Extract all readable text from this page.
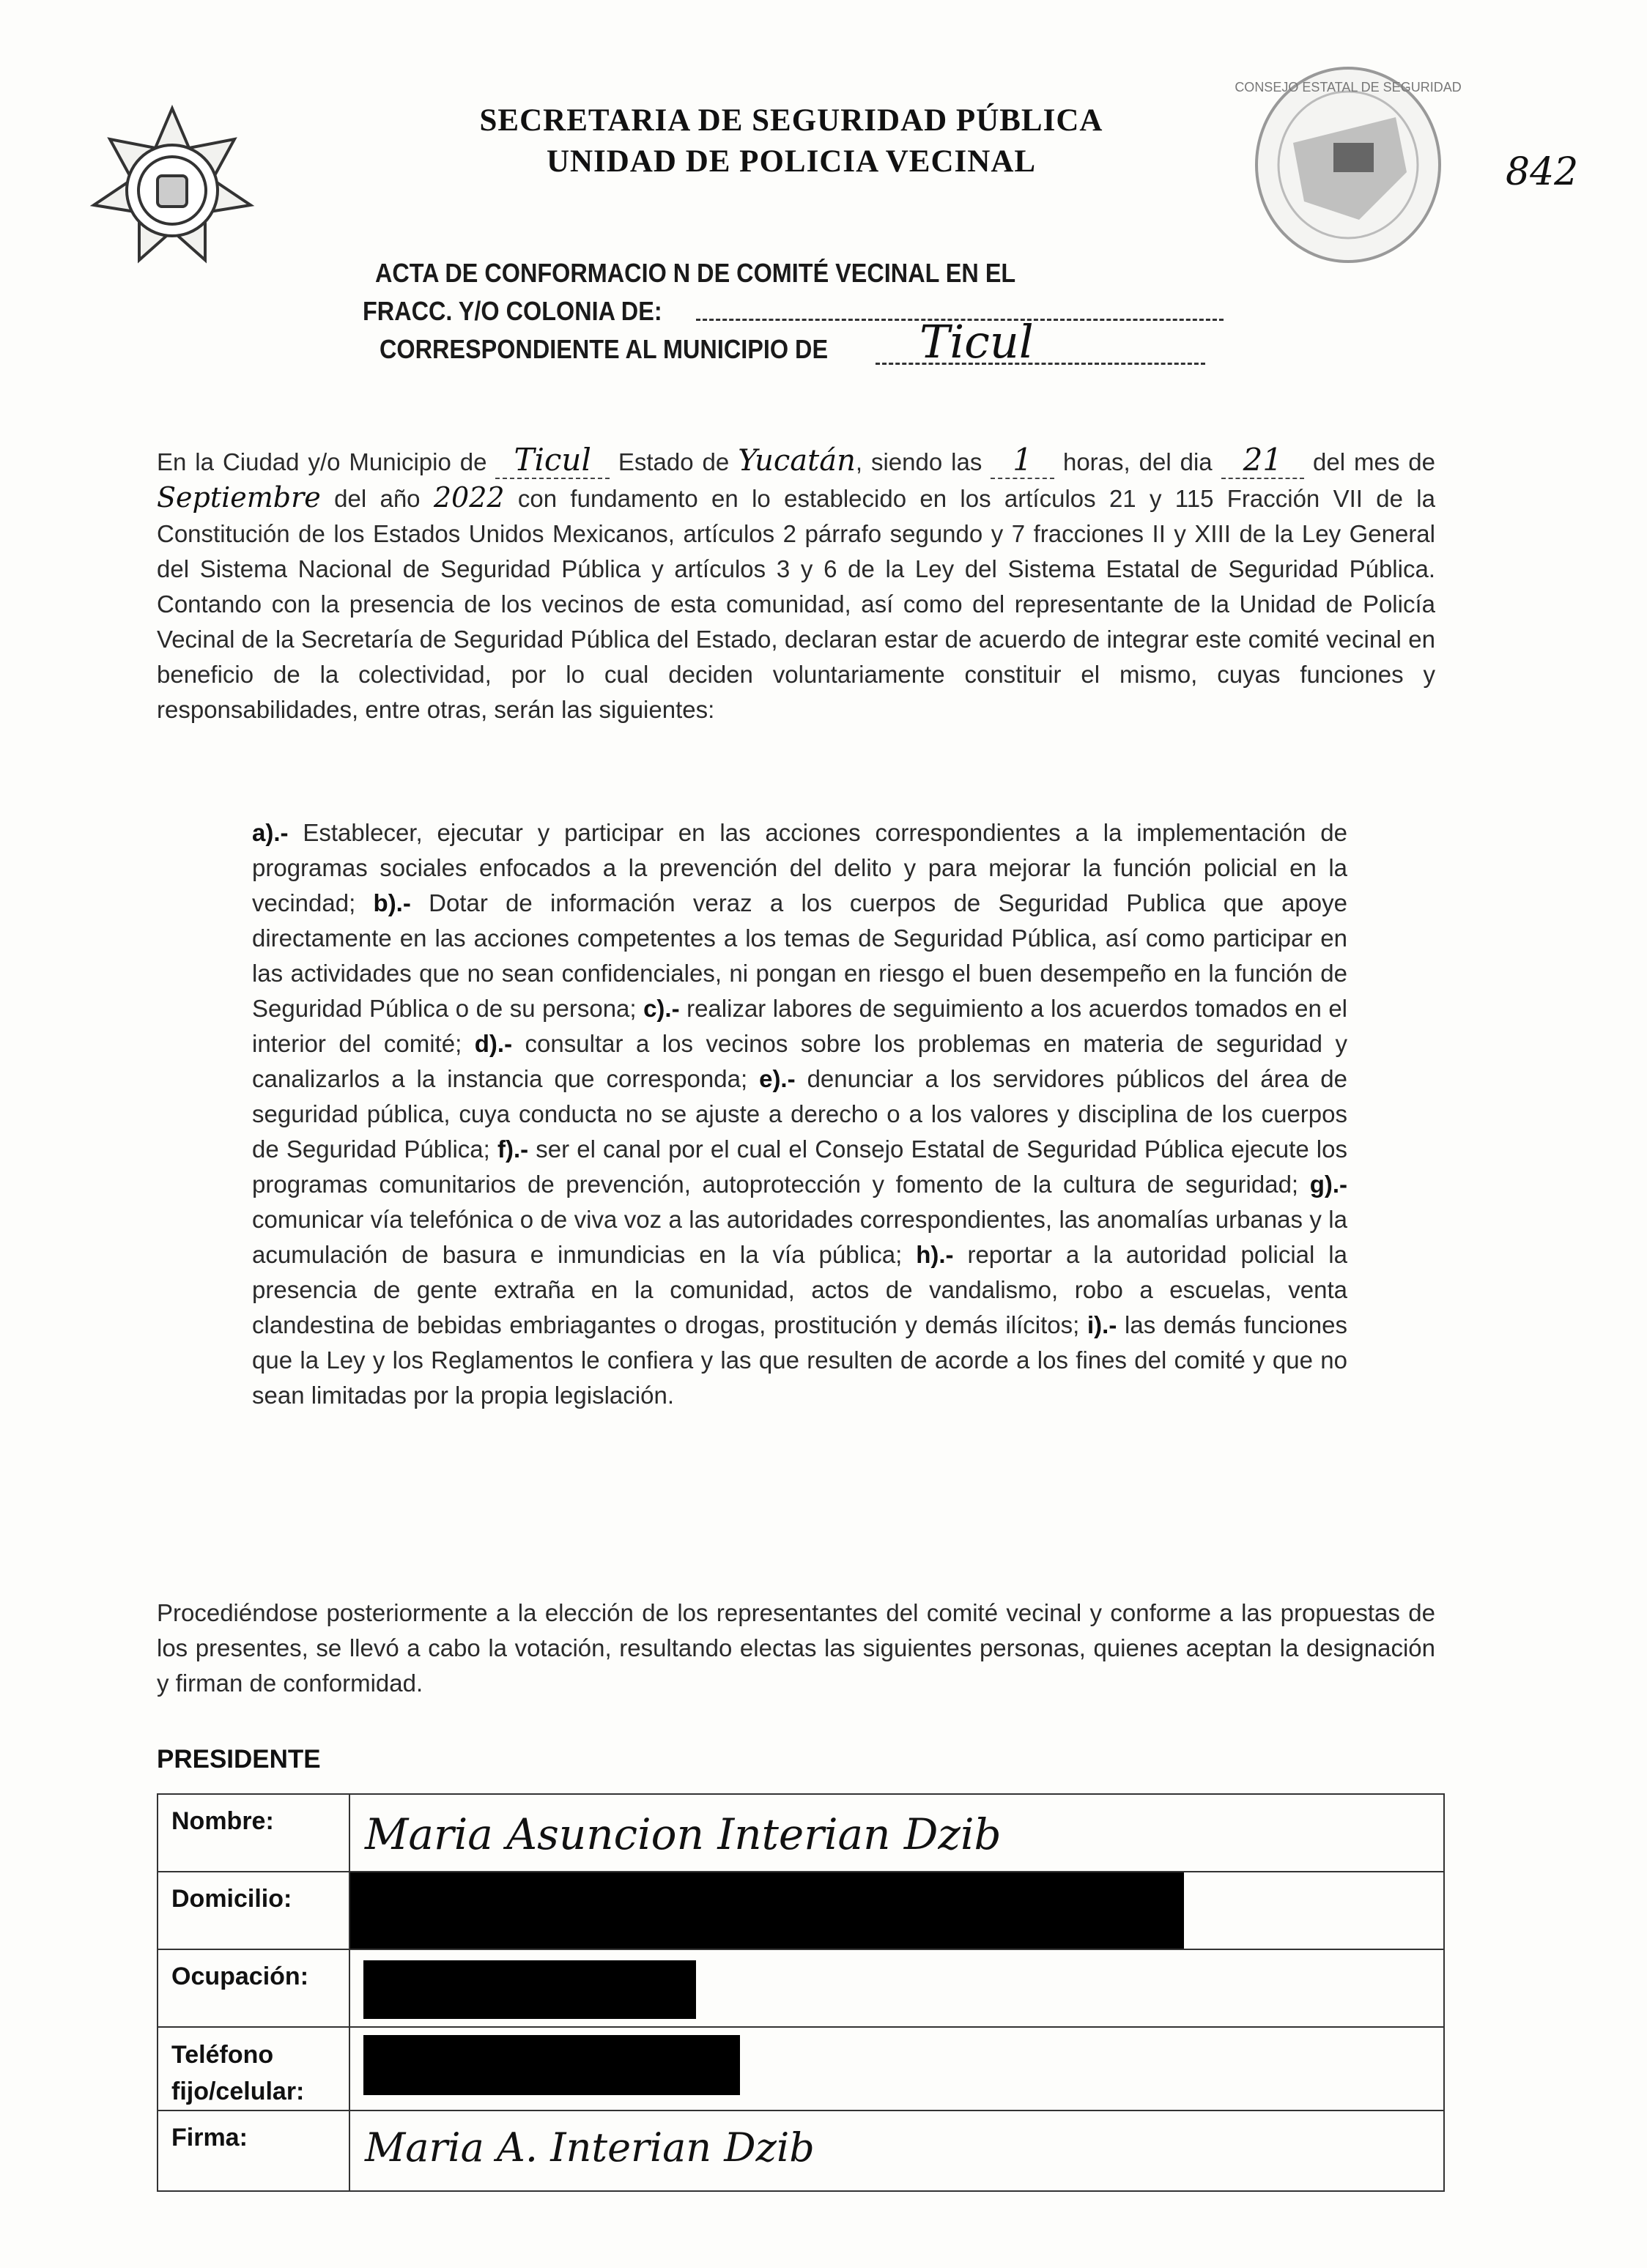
SECRETARIA DE SEGURIDAD PÚBLICA
UNIDAD DE POLICIA VECINAL
CONSEJO ESTATAL DE SEGURIDAD
842
ACTA DE CONFORMACIO N DE COMITÉ VECINAL EN EL
FRACC. Y/O COLONIA DE:
CORRESPONDIENTE AL MUNICIPIO DE Ticul
En la Ciudad y/o Municipio de Ticul Estado de Yucatán, siendo las 1 horas, del dia 21 del mes de Septiembre del año 2022 con fundamento en lo establecido en los artículos 21 y 115 Fracción VII de la Constitución de los Estados Unidos Mexicanos, artículos 2 párrafo segundo y 7 fracciones II y XIII de la Ley General del Sistema Nacional de Seguridad Pública y artículos 3 y 6 de la Ley del Sistema Estatal de Seguridad Pública. Contando con la presencia de los vecinos de esta comunidad, así como del representante de la Unidad de Policía Vecinal de la Secretaría de Seguridad Pública del Estado, declaran estar de acuerdo de integrar este comité vecinal en beneficio de la colectividad, por lo cual deciden voluntariamente constituir el mismo, cuyas funciones y responsabilidades, entre otras, serán las siguientes:
a).- Establecer, ejecutar y participar en las acciones correspondientes a la implementación de programas sociales enfocados a la prevención del delito y para mejorar la función policial en la vecindad; b).- Dotar de información veraz a los cuerpos de Seguridad Publica que apoye directamente en las acciones competentes a los temas de Seguridad Pública, así como participar en las actividades que no sean confidenciales, ni pongan en riesgo el buen desempeño en la función de Seguridad Pública o de su persona; c).- realizar labores de seguimiento a los acuerdos tomados en el interior del comité; d).- consultar a los vecinos sobre los problemas en materia de seguridad y canalizarlos a la instancia que corresponda; e).- denunciar a los servidores públicos del área de seguridad pública, cuya conducta no se ajuste a derecho o a los valores y disciplina de los cuerpos de Seguridad Pública; f).- ser el canal por el cual el Consejo Estatal de Seguridad Pública ejecute los programas comunitarios de prevención, autoprotección y fomento de la cultura de seguridad; g).- comunicar vía telefónica o de viva voz a las autoridades correspondientes, las anomalías urbanas y la acumulación de basura e inmundicias en la vía pública; h).- reportar a la autoridad policial la presencia de gente extraña en la comunidad, actos de vandalismo, robo a escuelas, venta clandestina de bebidas embriagantes o drogas, prostitución y demás ilícitos; i).- las demás funciones que la Ley y los Reglamentos le confiera y las que resulten de acorde a los fines del comité y que no sean limitadas por la propia legislación.
Procediéndose posteriormente a la elección de los representantes del comité vecinal y conforme a las propuestas de los presentes, se llevó a cabo la votación, resultando electas las siguientes personas, quienes aceptan la designación y firman de conformidad.
PRESIDENTE
Nombre:	Maria Asuncion Interian Dzib

Domicilio:	

Ocupación:	

Teléfono
fijo/celular:	

Firma:	Maria A. Interian Dzib
